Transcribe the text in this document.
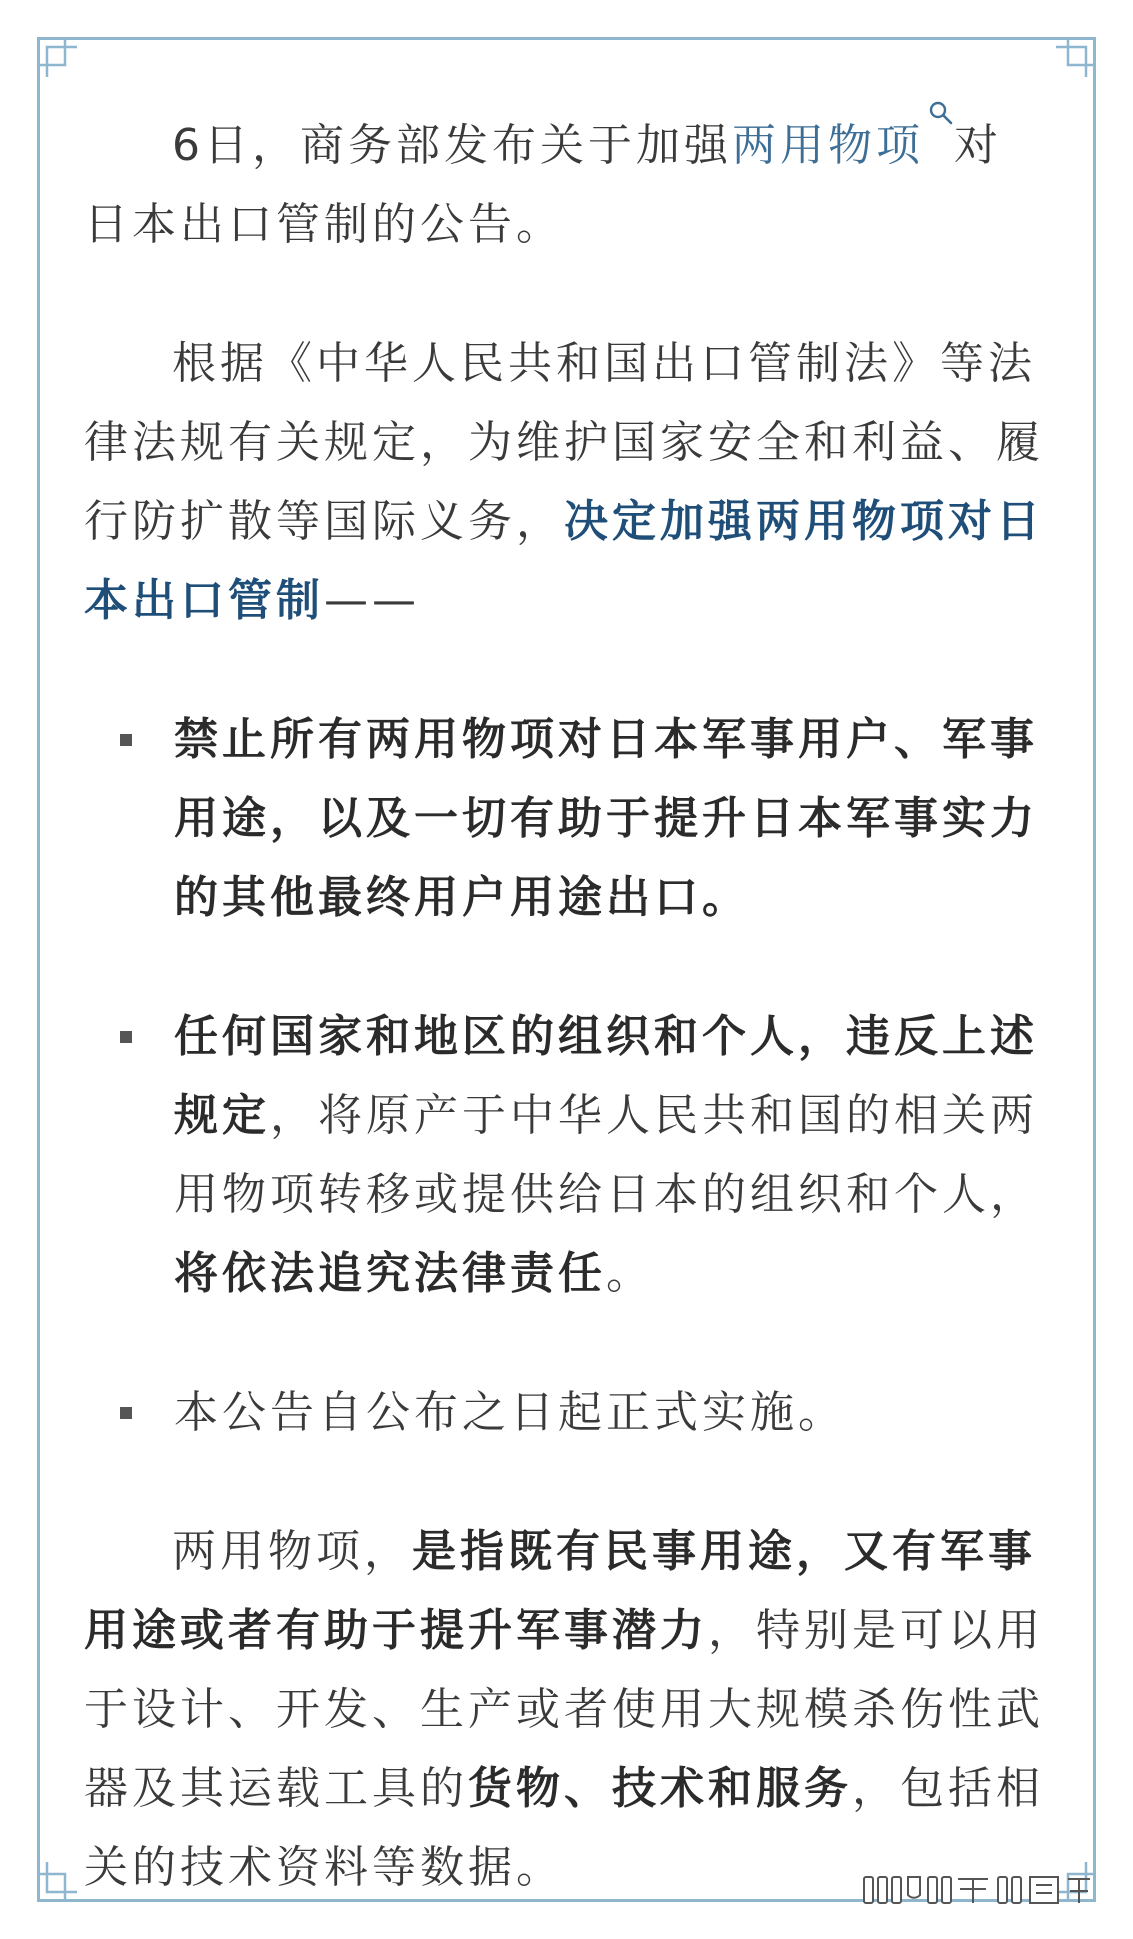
6日，商务部发布关于加强两用物项 对日本出口管制的公告。

根据《中华人民共和国出口管制法》等法律法规有关规定，为维护国家安全和利益、履行防扩散等国际义务，决定加强两用物项对日本出口管制——

禁止所有两用物项对日本军事用户、军事用途，以及一切有助于提升日本军事实力的其他最终用户用途出口。
任何国家和地区的组织和个人，违反上述规定，将原产于中华人民共和国的相关两用物项转移或提供给日本的组织和个人，将依法追究法律责任。
本公告自公布之日起正式实施。

两用物项，是指既有民事用途，又有军事用途或者有助于提升军事潜力，特别是可以用于设计、开发、生产或者使用大规模杀伤性武器及其运载工具的货物、技术和服务，包括相关的技术资料等数据。
